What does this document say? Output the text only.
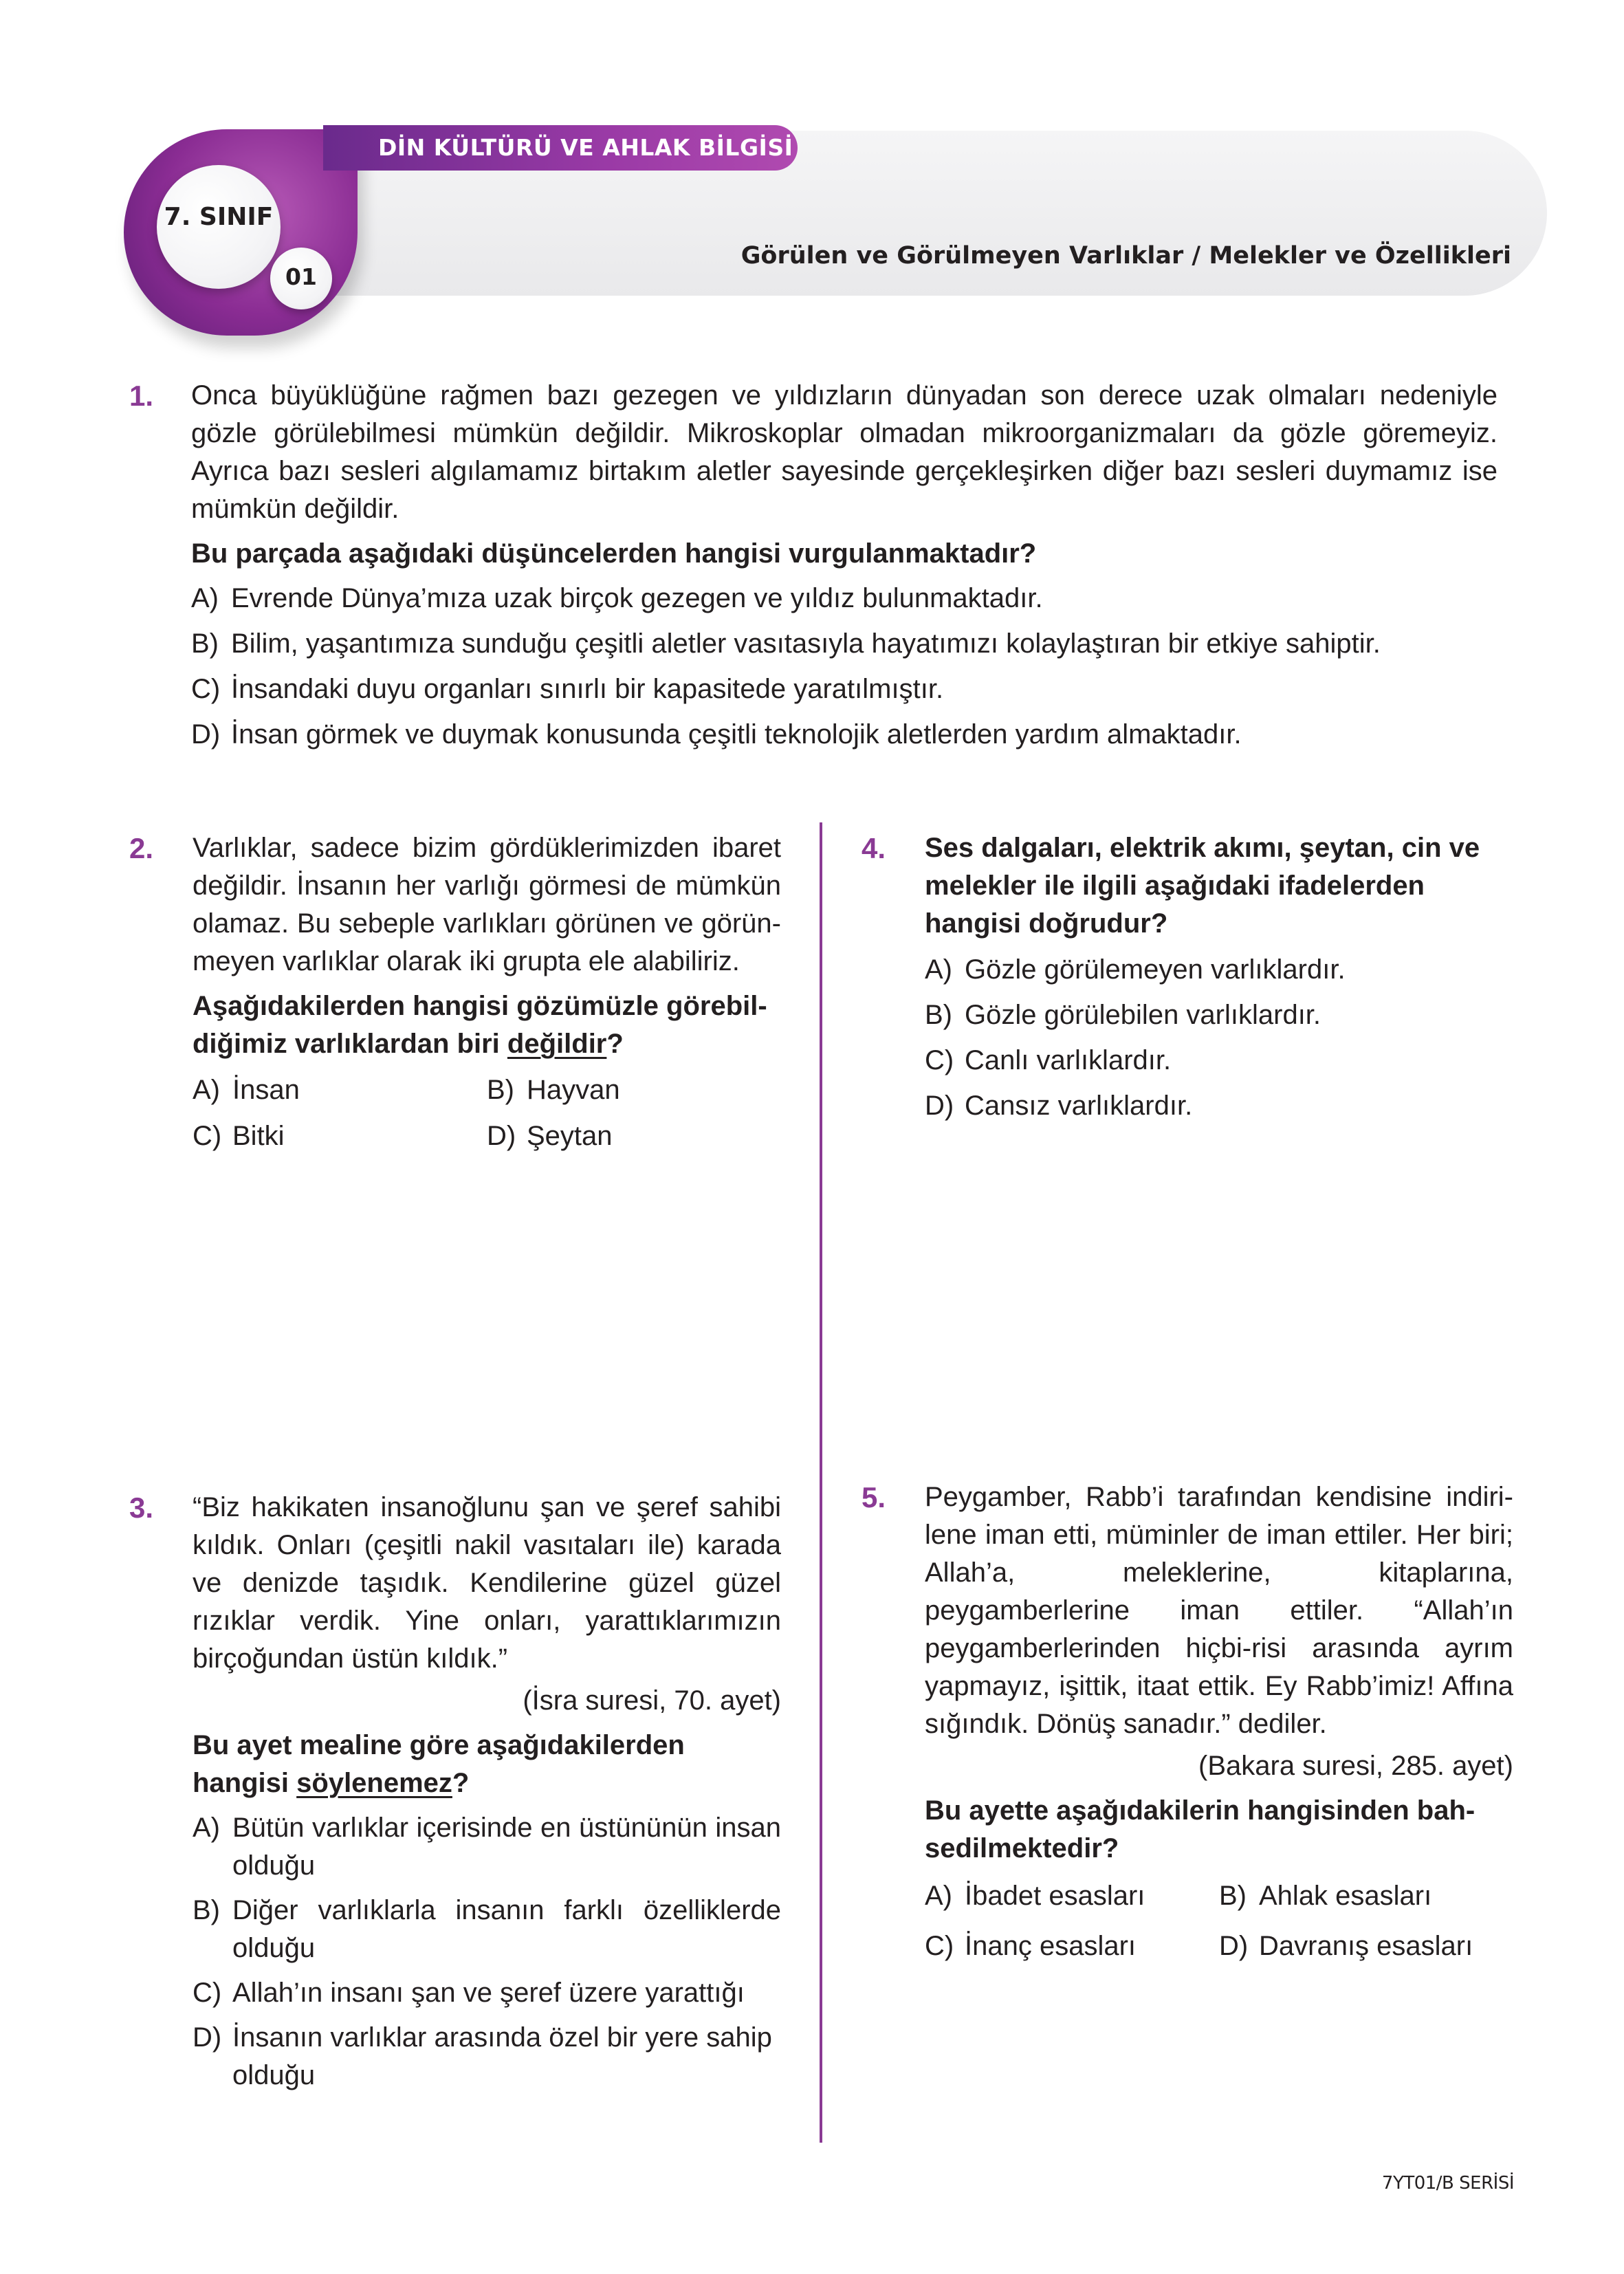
DİN KÜLTÜRÜ VE AHLAK BİLGİSİ
7. SINIF
01
Görülen ve Görülmeyen Varlıklar / Melekler ve Özellikleri
1. Onca büyüklüğüne rağmen bazı gezegen ve yıldızların dünyadan son derece uzak olmaları nedeniyle gözle görülebilmesi mümkün değildir. Mikroskoplar olmadan mikroorganizmaları da gözle göremeyiz. Ayrıca bazı sesleri algılamamız birtakım aletler sayesinde gerçekleşirken diğer bazı sesleri duymamız ise mümkün değildir.

Bu parçada aşağıdaki düşüncelerden hangisi vurgulanmaktadır?

A) Evrende Dünya’mıza uzak birçok gezegen ve yıldız bulunmaktadır.

B) Bilim, yaşantımıza sunduğu çeşitli aletler vasıtasıyla hayatımızı kolaylaştıran bir etkiye sahiptir.

C) İnsandaki duyu organları sınırlı bir kapasitede yaratılmıştır.

D) İnsan görmek ve duymak konusunda çeşitli teknolojik aletlerden yardım almaktadır.

2. Varlıklar, sadece bizim gördüklerimizden ibaret değildir. İnsanın her varlığı görmesi de mümkün olamaz. Bu sebeple varlıkları görünen ve görün-meyen varlıklar olarak iki grupta ele alabiliriz.

Aşağıdakilerden hangisi gözümüzle görebil-diğimiz varlıklardan biri değildir?

A) İnsan	B) Hayvan
C) Bitki	D) Şeytan
4. Ses dalgaları, elektrik akımı, şeytan, cin ve melekler ile ilgili aşağıdaki ifadelerden hangisi doğrudur?

A) Gözle görülemeyen varlıklardır.

B) Gözle görülebilen varlıklardır.

C) Canlı varlıklardır.

D) Cansız varlıklardır.

3. “Biz hakikaten insanoğlunu şan ve şeref sahibi kıldık. Onları (çeşitli nakil vasıtaları ile) karada ve denizde taşıdık. Kendilerine güzel güzel rızıklar verdik. Yine onları, yarattıklarımızın birçoğundan üstün kıldık.”

(İsra suresi, 70. ayet)

Bu ayet mealine göre aşağıdakilerden hangisi söylenemez?

A) Bütün varlıklar içerisinde en üstününün insan olduğu

B) Diğer varlıklarla insanın farklı özelliklerde olduğu

C) Allah’ın insanı şan ve şeref üzere yarattığı

D) İnsanın varlıklar arasında özel bir yere sahip olduğu

5. Peygamber, Rabb’i tarafından kendisine indiri-lene iman etti, müminler de iman ettiler. Her biri; Allah’a, meleklerine, kitaplarına, peygamberlerine iman ettiler. “Allah’ın peygamberlerinden hiçbi-risi arasında ayrım yapmayız, işittik, itaat ettik. Ey Rabb’imiz! Affına sığındık. Dönüş sanadır.” dediler.

(Bakara suresi, 285. ayet)

Bu ayette aşağıdakilerin hangisinden bah-sedilmektedir?

A) İbadet esasları	B) Ahlak esasları
C) İnanç esasları	D) Davranış esasları
7YT01/B SERİSİ
